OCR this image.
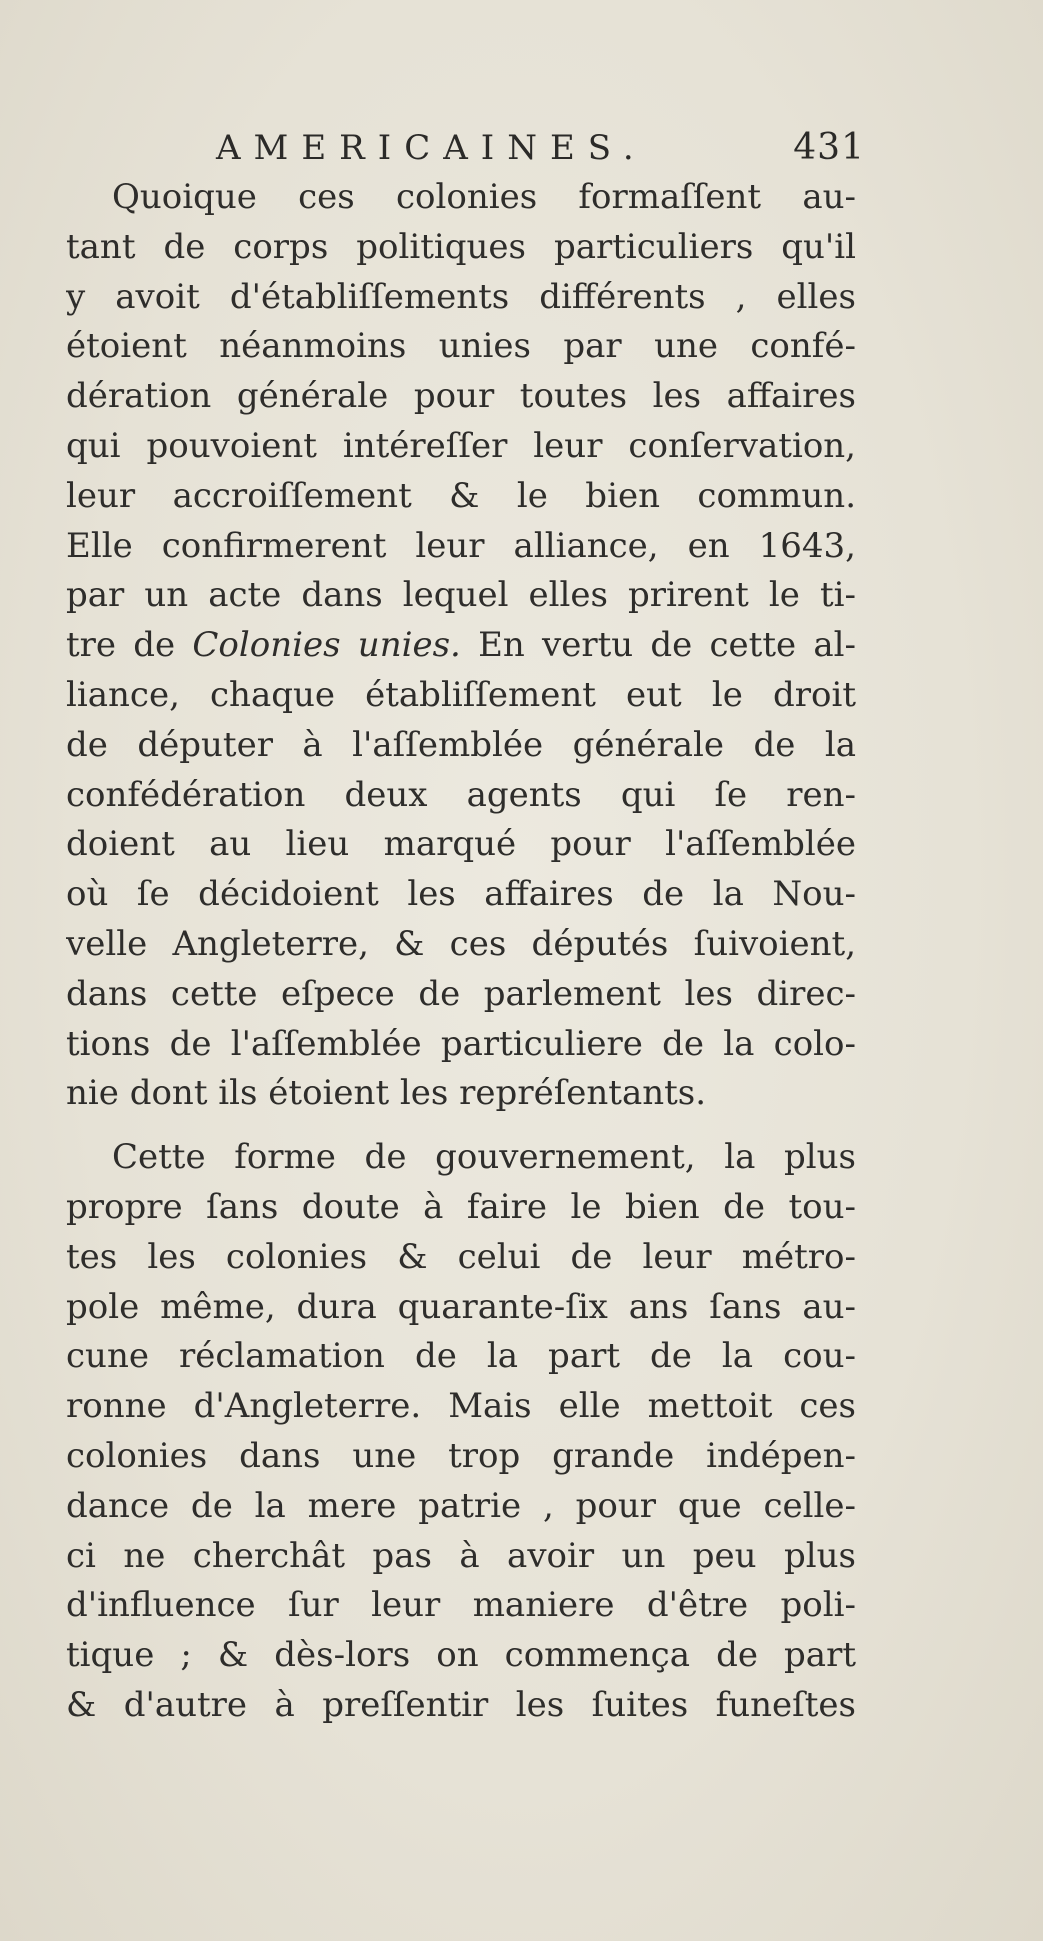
AMERICAINES.	431
Quoique ces colonies formaſſent au-
tant de corps politiques particuliers qu'il
y avoit d'établiſſements différents , elles
étoient néanmoins unies par une confé-
dération générale pour toutes les affaires
qui pouvoient intéreſſer leur conſervation,
leur accroiſſement & le bien commun.
Elle confirmerent leur alliance, en 1643,
par un acte dans lequel elles prirent le ti-
tre de Colonies unies. En vertu de cette al-
liance, chaque établiſſement eut le droit
de députer à l'aſſemblée générale de la
confédération deux agents qui ſe ren-
doient au lieu marqué pour l'aſſemblée
où ſe décidoient les affaires de la Nou-
velle Angleterre, & ces députés ſuivoient,
dans cette eſpece de parlement les direc-
tions de l'aſſemblée particuliere de la colo-
nie dont ils étoient les repréſentants.
Cette forme de gouvernement, la plus
propre ſans doute à faire le bien de tou-
tes les colonies & celui de leur métro-
pole même, dura quarante-ſix ans ſans au-
cune réclamation de la part de la cou-
ronne d'Angleterre. Mais elle mettoit ces
colonies dans une trop grande indépen-
dance de la mere patrie , pour que celle-
ci ne cherchât pas à avoir un peu plus
d'influence ſur leur maniere d'être poli-
tique ; & dès-lors on commença de part
& d'autre à preſſentir les ſuites funeſtes
